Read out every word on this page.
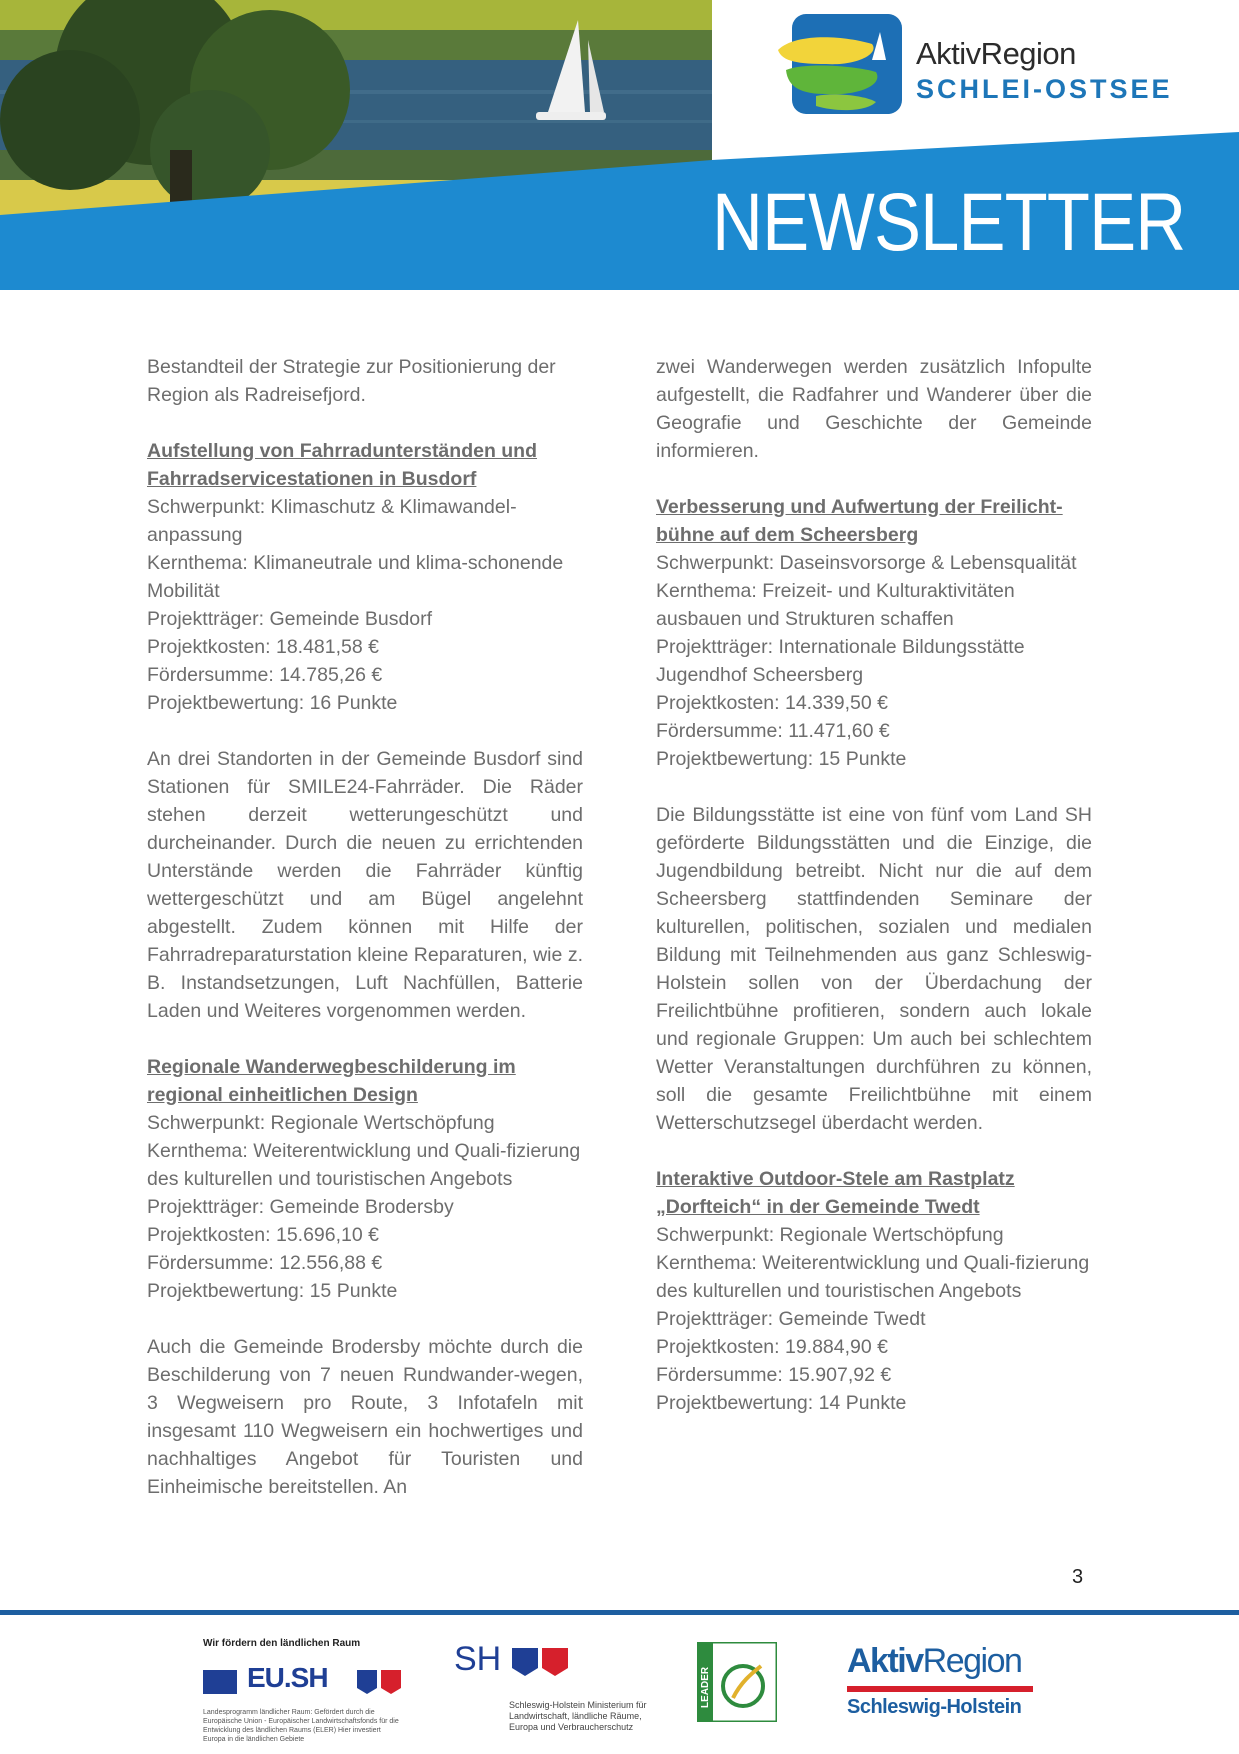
NEWSLETTER
AktivRegion
SCHLEI-OSTSEE

Bestandteil der Strategie zur Positionierung der Region als Radreisefjord.

Aufstellung von Fahrradunterständen und Fahrradservicestationen in Busdorf
Schwerpunkt: Klimaschutz & Klimawandel-anpassung
Kernthema: Klimaneutrale und klima-schonende Mobilität
Projektträger: Gemeinde Busdorf
Projektkosten: 18.481,58 €
Fördersumme: 14.785,26 €
Projektbewertung: 16 Punkte

An drei Standorten in der Gemeinde Busdorf sind Stationen für SMILE24-Fahrräder. Die Räder stehen derzeit wetterungeschützt und durcheinander. Durch die neuen zu errichtenden Unterstände werden die Fahrräder künftig wettergeschützt und am Bügel angelehnt abgestellt. Zudem können mit Hilfe der Fahrradreparaturstation kleine Reparaturen, wie z. B. Instandsetzungen, Luft Nachfüllen, Batterie Laden und Weiteres vorgenommen werden.

Regionale Wanderwegbeschilderung im regional einheitlichen Design
Schwerpunkt: Regionale Wertschöpfung
Kernthema: Weiterentwicklung und Quali-fizierung des kulturellen und touristischen Angebots
Projektträger: Gemeinde Brodersby
Projektkosten: 15.696,10 €
Fördersumme: 12.556,88 €
Projektbewertung: 15 Punkte

Auch die Gemeinde Brodersby möchte durch die Beschilderung von 7 neuen Rundwander-wegen, 3 Wegweisern pro Route, 3 Infotafeln mit insgesamt 110 Wegweisern ein hochwertiges und nachhaltiges Angebot für Touristen und Einheimische bereitstellen. An

zwei Wanderwegen werden zusätzlich Infopulte aufgestellt, die Radfahrer und Wanderer über die Geografie und Geschichte der Gemeinde informieren.

Verbesserung und Aufwertung der Freilicht-bühne auf dem Scheersberg
Schwerpunkt: Daseinsvorsorge & Lebensqualität
Kernthema: Freizeit- und Kulturaktivitäten ausbauen und Strukturen schaffen
Projektträger: Internationale Bildungsstätte Jugendhof Scheersberg
Projektkosten: 14.339,50 €
Fördersumme: 11.471,60 €
Projektbewertung: 15 Punkte

Die Bildungsstätte ist eine von fünf vom Land SH geförderte Bildungsstätten und die Einzige, die Jugendbildung betreibt. Nicht nur die auf dem Scheersberg stattfindenden Seminare der kulturellen, politischen, sozialen und medialen Bildung mit Teilnehmenden aus ganz Schleswig-Holstein sollen von der Überdachung der Freilichtbühne profitieren, sondern auch lokale und regionale Gruppen: Um auch bei schlechtem Wetter Veranstaltungen durchführen zu können, soll die gesamte Freilichtbühne mit einem Wetterschutzsegel überdacht werden.

Interaktive Outdoor-Stele am Rastplatz „Dorfteich“ in der Gemeinde Twedt
Schwerpunkt: Regionale Wertschöpfung
Kernthema: Weiterentwicklung und Quali-fizierung des kulturellen und touristischen Angebots
Projektträger: Gemeinde Twedt
Projektkosten: 19.884,90 €
Fördersumme: 15.907,92 €
Projektbewertung: 14 Punkte
3
Wir fördern den ländlichen Raum
EU.SH
Landesprogramm ländlicher Raum: Gefördert durch die Europäische Union - Europäischer Landwirtschaftsfonds für die Entwicklung des ländlichen Raums (ELER) Hier investiert Europa in die ländlichen Gebiete
SH
Schleswig-Holstein Ministerium für Landwirtschaft, ländliche Räume, Europa und Verbraucherschutz
LEADER
AktivRegion
Schleswig-Holstein
